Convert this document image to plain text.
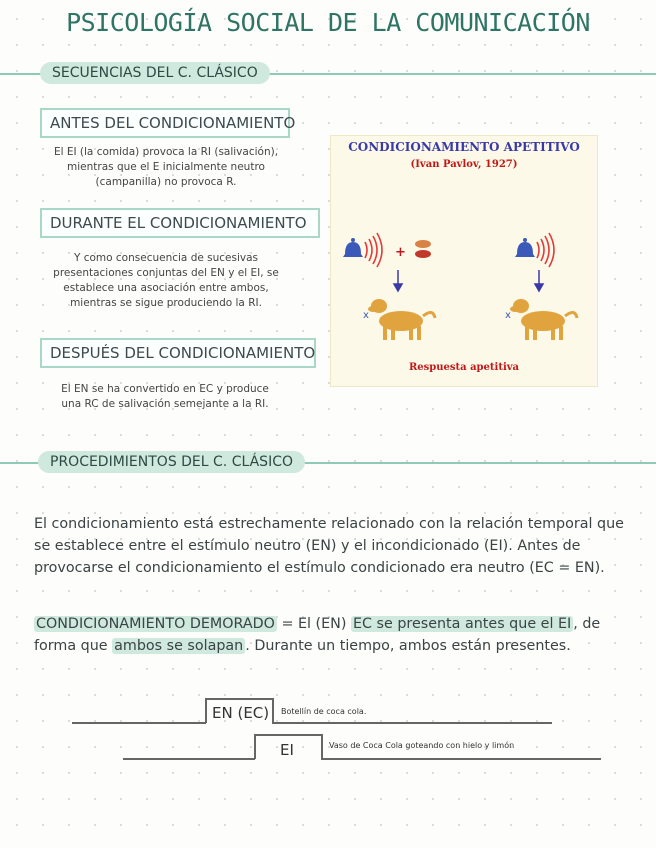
PSICOLOGÍA SOCIAL DE LA COMUNICACIÓN
SECUENCIAS DEL C. CLÁSICO
ANTES DEL CONDICIONAMIENTO
El EI (la comida) provoca la RI (salivación), mientras que el E inicialmente neutro (campanilla) no provoca R.
DURANTE EL CONDICIONAMIENTO
Y como consecuencia de sucesivas presentaciones conjuntas del EN y el EI, se establece una asociación entre ambos, mientras se sigue produciendo la RI.
DESPUÉS DEL CONDICIONAMIENTO
El EN se ha convertido en EC y produce una RC de salivación semejante a la RI.
CONDICIONAMIENTO APETITIVO
(Ivan Pavlov, 1927)
+
x	x
Respuesta apetitiva
PROCEDIMIENTOS DEL C. CLÁSICO
El condicionamiento está estrechamente relacionado con la relación temporal que se establece entre el estímulo neutro (EN) y el incondicionado (EI). Antes de provocarse el condicionamiento el estímulo condicionado era neutro (EC = EN).
CONDICIONAMIENTO DEMORADO = El (EN) EC se presenta antes que el EI , de forma que ambos se solapan . Durante un tiempo, ambos están presentes.
EN (EC) Botellín de coca cola.
EI	Vaso de Coca Cola goteando con hielo y limón
